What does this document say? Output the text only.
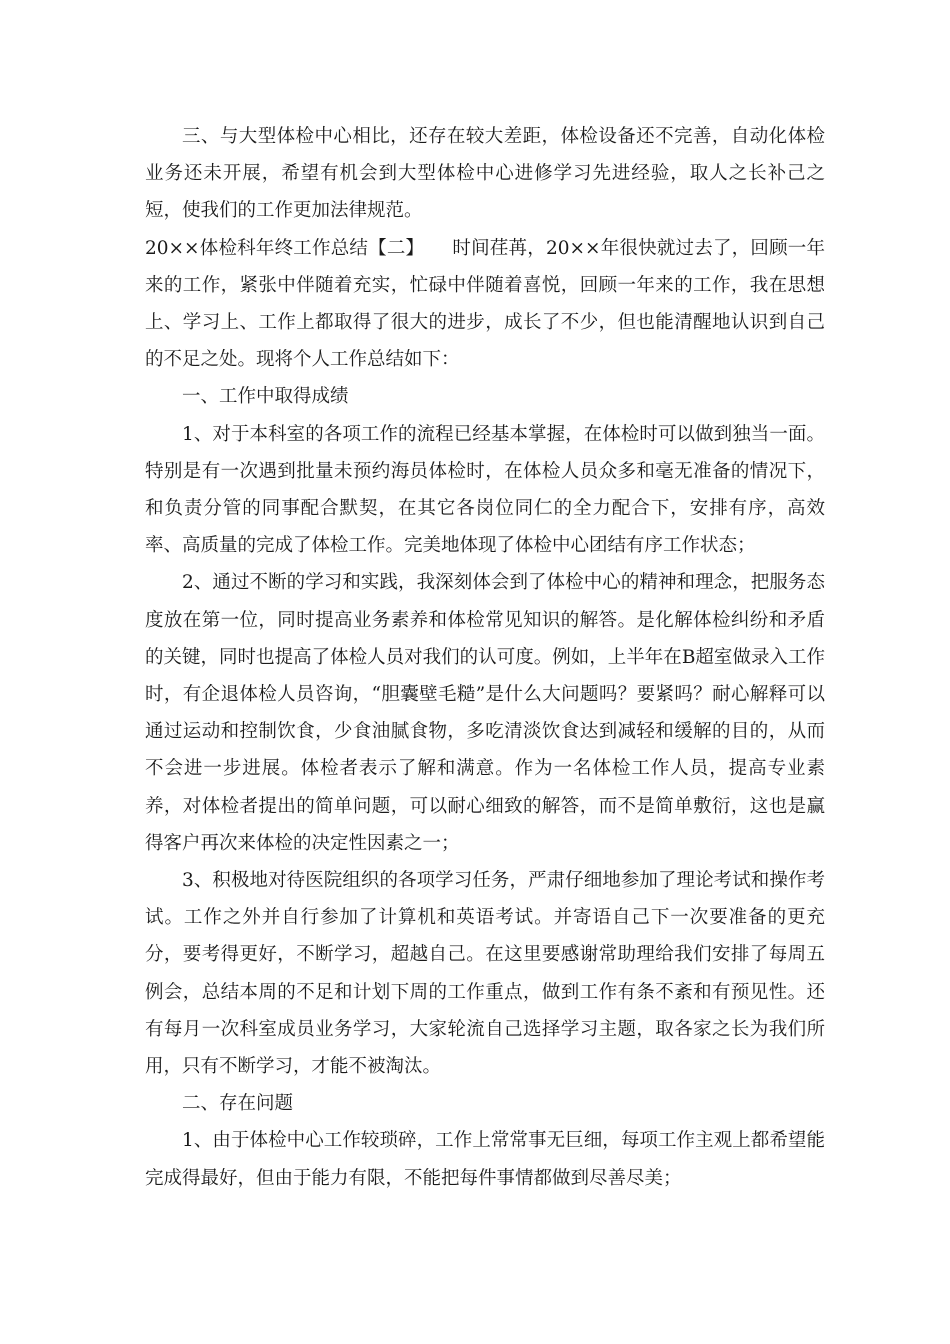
三、与大型体检中心相比，还存在较大差距，体检设备还不完善，自动化体检业务还未开展，希望有机会到大型体检中心进修学习先进经验，取人之长补己之短，使我们的工作更加法律规范。

20××体检科年终工作总结【二】　　 时间荏苒，20××年很快就过去了，回顾一年来的工作，紧张中伴随着充实，忙碌中伴随着喜悦，回顾一年来的工作，我在思想上、学习上、工作上都取得了很大的进步，成长了不少，但也能清醒地认识到自己的不足之处。现将个人工作总结如下：

一、工作中取得成绩

1、对于本科室的各项工作的流程已经基本掌握，在体检时可以做到独当一面。特别是有一次遇到批量未预约海员体检时，在体检人员众多和毫无准备的情况下，和负责分管的同事配合默契，在其它各岗位同仁的全力配合下，安排有序，高效率、高质量的完成了体检工作。完美地体现了体检中心团结有序工作状态；

2、通过不断的学习和实践，我深刻体会到了体检中心的精神和理念，把服务态度放在第一位，同时提高业务素养和体检常见知识的解答。是化解体检纠纷和矛盾的关键，同时也提高了体检人员对我们的认可度。例如，上半年在B超室做录入工作时，有企退体检人员咨询，“胆囊壁毛糙”是什么大问题吗？要紧吗？耐心解释可以通过运动和控制饮食，少食油腻食物，多吃清淡饮食达到减轻和缓解的目的，从而不会进一步进展。体检者表示了解和满意。作为一名体检工作人员，提高专业素养，对体检者提出的简单问题，可以耐心细致的解答，而不是简单敷衍，这也是赢得客户再次来体检的决定性因素之一；

3、积极地对待医院组织的各项学习任务，严肃仔细地参加了理论考试和操作考试。工作之外并自行参加了计算机和英语考试。并寄语自己下一次要准备的更充分，要考得更好，不断学习，超越自己。在这里要感谢常助理给我们安排了每周五例会，总结本周的不足和计划下周的工作重点，做到工作有条不紊和有预见性。还有每月一次科室成员业务学习，大家轮流自己选择学习主题，取各家之长为我们所用，只有不断学习，才能不被淘汰。

二、存在问题

1、由于体检中心工作较琐碎，工作上常常事无巨细，每项工作主观上都希望能完成得最好，但由于能力有限，不能把每件事情都做到尽善尽美；
